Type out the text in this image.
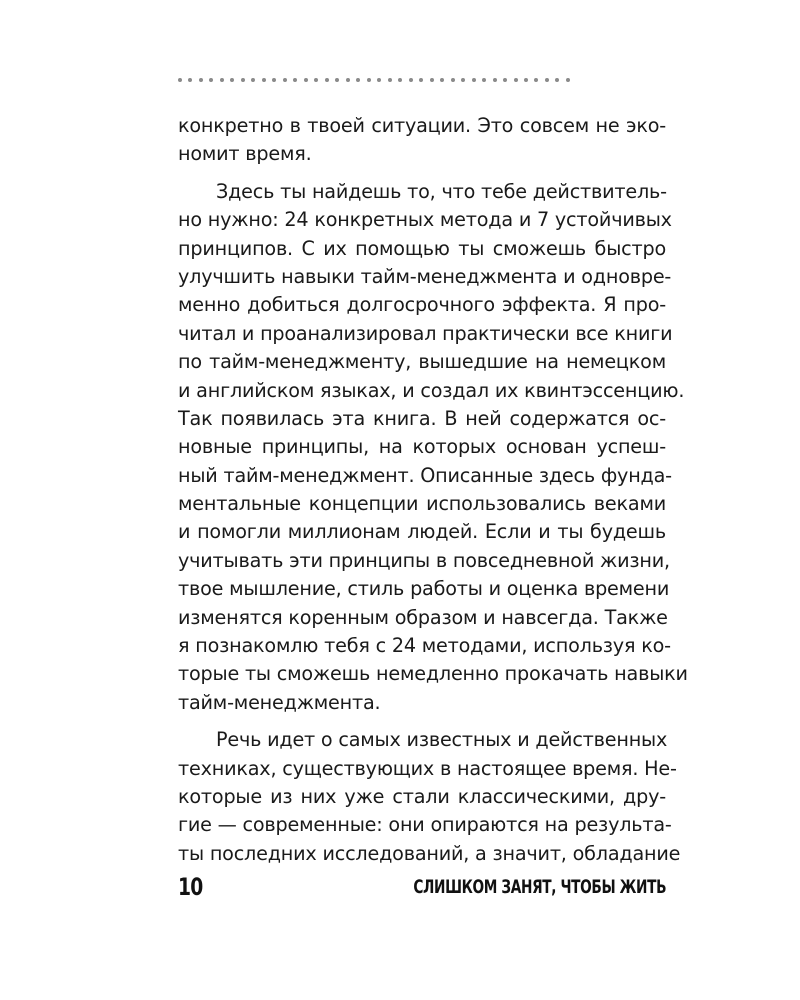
конкретно в твоей ситуации. Это совсем не эко-
номит время.
Здесь ты найдешь то, что тебе действитель-
но нужно: 24 конкретных метода и 7 устойчивых
принципов. С их помощью ты сможешь быстро
улучшить навыки тайм-менеджмента и одновре-
менно добиться долгосрочного эффекта. Я про-
читал и проанализировал практически все книги
по тайм-менеджменту, вышедшие на немецком
и английском языках, и создал их квинтэссенцию.
Так появилась эта книга. В ней содержатся ос-
новные принципы, на которых основан успеш-
ный тайм-менеджмент. Описанные здесь фунда-
ментальные концепции использовались веками
и помогли миллионам людей. Если и ты будешь
учитывать эти принципы в повседневной жизни,
твое мышление, стиль работы и оценка времени
изменятся коренным образом и навсегда. Также
я познакомлю тебя с 24 методами, используя ко-
торые ты сможешь немедленно прокачать навыки
тайм-менеджмента.
Речь идет о самых известных и действенных
техниках, существующих в настоящее время. Не-
которые из них уже стали классическими, дру-
гие — современные: они опираются на результа-
ты последних исследований, а значит, обладание
10	СЛИШКОМ ЗАНЯТ, ЧТОБЫ ЖИТЬ
